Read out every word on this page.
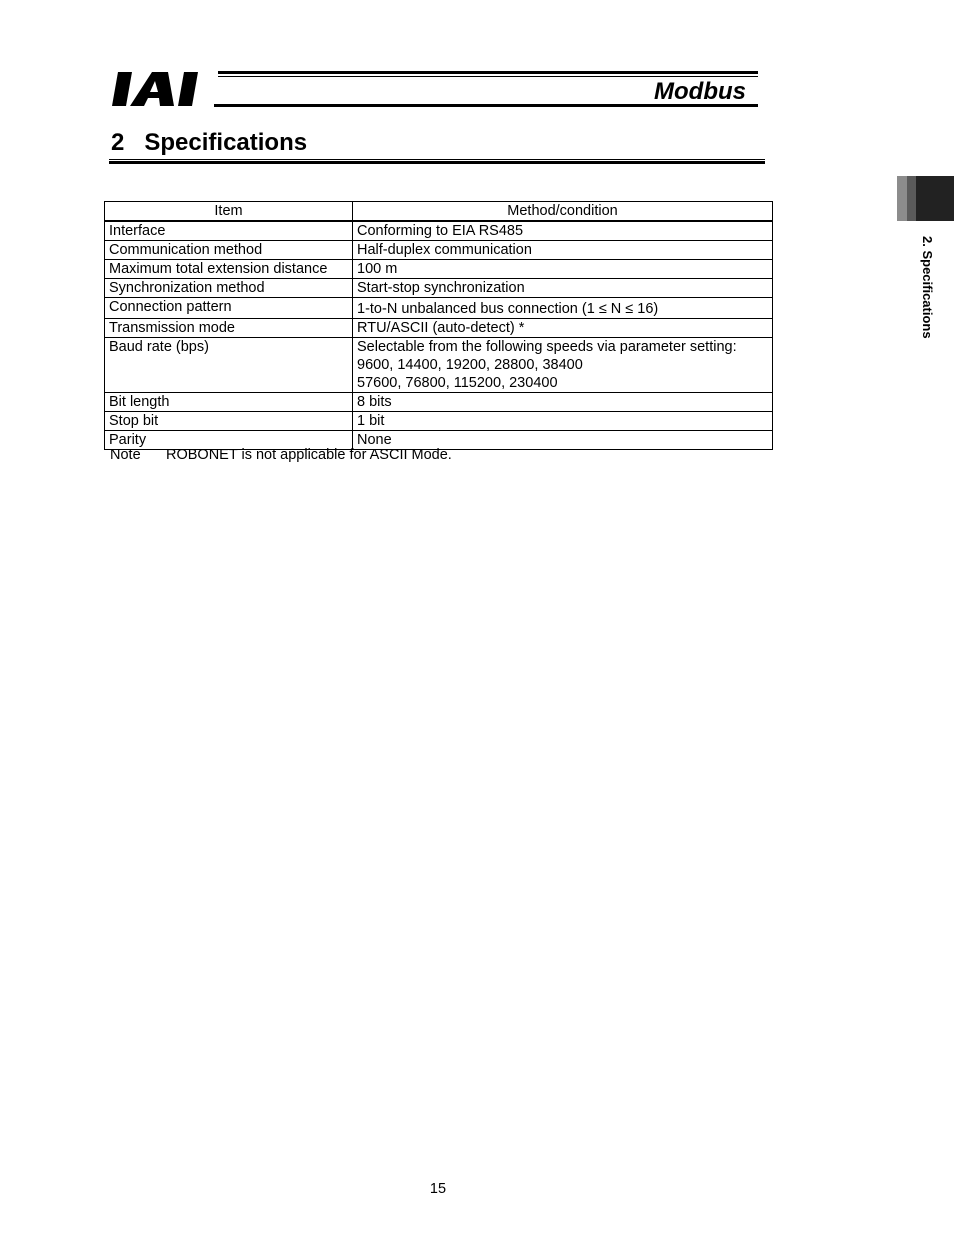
Modbus
2 Specifications
2. Specifications
Item	Method/condition
Interface	Conforming to EIA RS485
Communication method	Half-duplex communication
Maximum total extension distance	100 m
Synchronization method	Start-stop synchronization
Connection pattern	1-to-N unbalanced bus connection (1 ≤ N ≤ 16)
Transmission mode	RTU/ASCII (auto-detect) *
Baud rate (bps)	Selectable from the following speeds via parameter setting:
9600, 14400, 19200, 28800, 38400
57600, 76800, 115200, 230400
Bit length	8 bits
Stop bit	1 bit
Parity	None
Note ROBONET is not applicable for ASCII Mode.
15
